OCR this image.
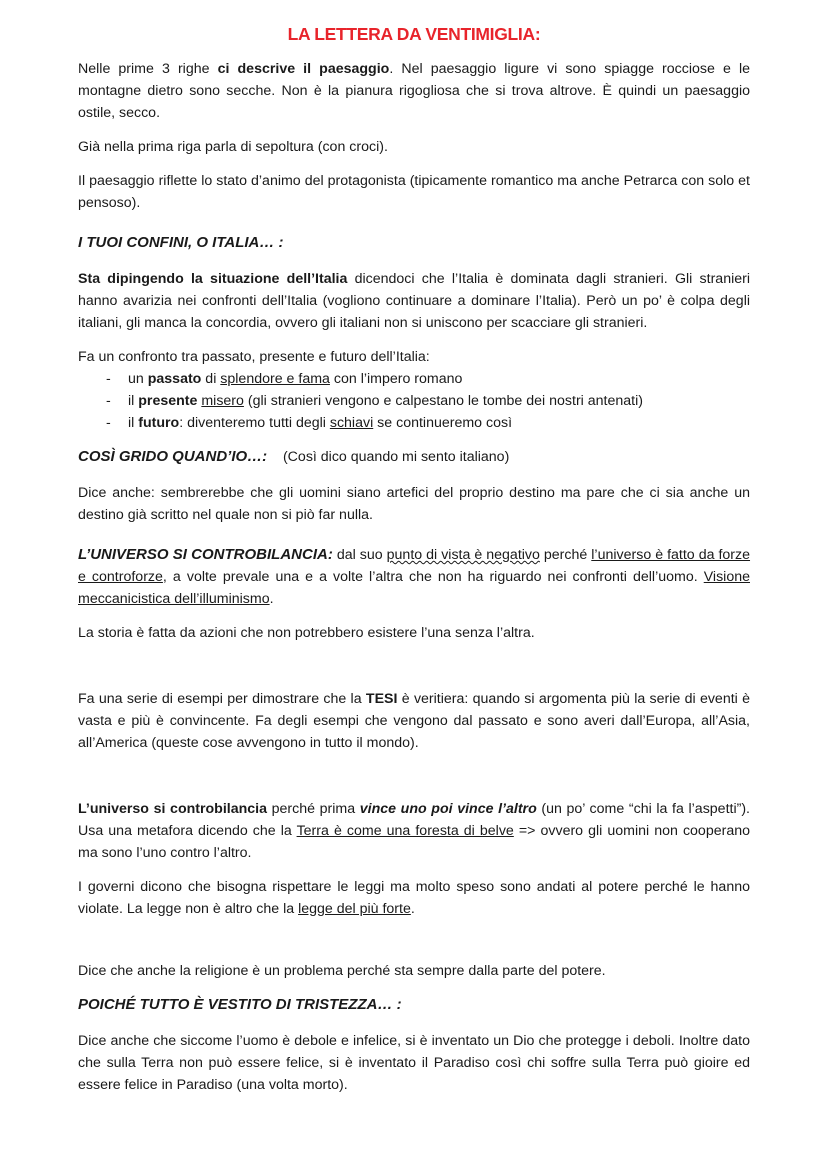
LA LETTERA DA VENTIMIGLIA:

Nelle prime 3 righe ci descrive il paesaggio. Nel paesaggio ligure vi sono spiagge rocciose e le montagne dietro sono secche. Non è la pianura rigogliosa che si trova altrove. È quindi un paesaggio ostile, secco.

Già nella prima riga parla di sepoltura (con croci).

Il paesaggio riflette lo stato d’animo del protagonista (tipicamente romantico ma anche Petrarca con solo et pensoso).

I TUOI CONFINI, O ITALIA… :

Sta dipingendo la situazione dell’Italia dicendoci che l’Italia è dominata dagli stranieri. Gli stranieri hanno avarizia nei confronti dell’Italia (vogliono continuare a dominare l’Italia). Però un po’ è colpa degli italiani, gli manca la concordia, ovvero gli italiani non si uniscono per scacciare gli stranieri.

Fa un confronto tra passato, presente e futuro dell’Italia:

- un passato di splendore e fama con l’impero romano
- il presente misero (gli stranieri vengono e calpestano le tombe dei nostri antenati)
- il futuro: diventeremo tutti degli schiavi se continueremo così

COSÌ GRIDO QUAND’IO…: (Così dico quando mi sento italiano)

Dice anche: sembrerebbe che gli uomini siano artefici del proprio destino ma pare che ci sia anche un destino già scritto nel quale non si piò far nulla.

L’UNIVERSO SI CONTROBILANCIA: dal suo punto di vista è negativo perché l’universo è fatto da forze e controforze, a volte prevale una e a volte l’altra che non ha riguardo nei confronti dell’uomo. Visione meccanicistica dell’illuminismo.

La storia è fatta da azioni che non potrebbero esistere l’una senza l’altra.

Fa una serie di esempi per dimostrare che la TESI è veritiera: quando si argomenta più la serie di eventi è vasta e più è convincente. Fa degli esempi che vengono dal passato e sono averi dall’Europa, all’Asia, all’America (queste cose avvengono in tutto il mondo).

L’universo si controbilancia perché prima vince uno poi vince l’altro (un po’ come “chi la fa l’aspetti”). Usa una metafora dicendo che la Terra è come una foresta di belve => ovvero gli uomini non cooperano ma sono l’uno contro l’altro.

I governi dicono che bisogna rispettare le leggi ma molto speso sono andati al potere perché le hanno violate. La legge non è altro che la legge del più forte.

Dice che anche la religione è un problema perché sta sempre dalla parte del potere.

POICHÉ TUTTO È VESTITO DI TRISTEZZA… :

Dice anche che siccome l’uomo è debole e infelice, si è inventato un Dio che protegge i deboli. Inoltre dato che sulla Terra non può essere felice, si è inventato il Paradiso così chi soffre sulla Terra può gioire ed essere felice in Paradiso (una volta morto).
